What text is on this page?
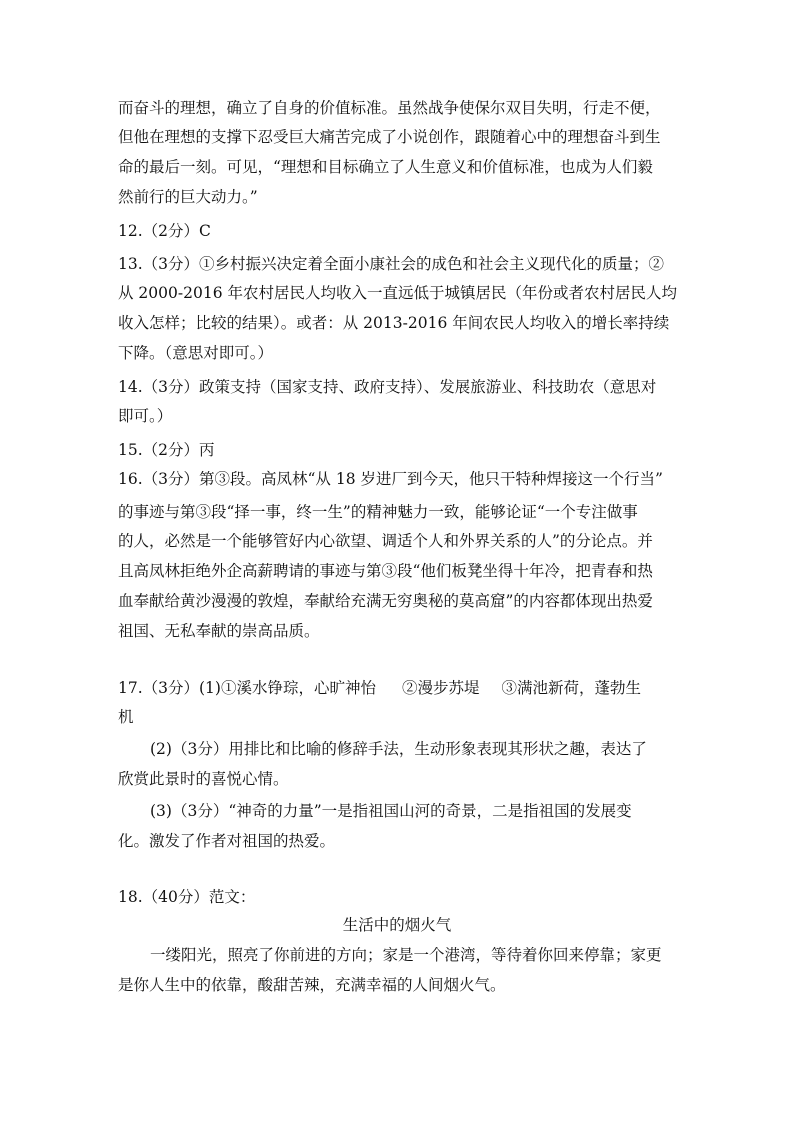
而奋斗的理想，确立了自身的价值标准。虽然战争使保尔双目失明，行走不便，
但他在理想的支撑下忍受巨大痛苦完成了小说创作，跟随着心中的理想奋斗到生
命的最后一刻。可见，“理想和目标确立了人生意义和价值标准，也成为人们毅
然前行的巨大动力。”
12.（2分）C
13.（3分）①乡村振兴决定着全面小康社会的成色和社会主义现代化的质量；②
从 2000-2016 年农村居民人均收入一直远低于城镇居民（年份或者农村居民人均
收入怎样；比较的结果）。或者：从 2013-2016 年间农民人均收入的增长率持续
下降。（意思对即可。）
14.（3分）政策支持（国家支持、政府支持）、发展旅游业、科技助农（意思对
即可。）
15.（2分）丙
16.（3分）第③段。高凤林“从 18 岁进厂到今天，他只干特种焊接这一个行当”
的事迹与第③段“择一事，终一生”的精神魅力一致，能够论证“一个专注做事
的人，必然是一个能够管好内心欲望、调适个人和外界关系的人”的分论点。并
且高凤林拒绝外企高薪聘请的事迹与第③段“他们板凳坐得十年冷，把青春和热
血奉献给黄沙漫漫的敦煌，奉献给充满无穷奥秘的莫高窟”的内容都体现出热爱
祖国、无私奉献的崇高品质。
17.（3分）(1)①溪水铮琮，心旷神怡 ②漫步苏堤 ③满池新荷，蓬勃生
机
(2)（3分）用排比和比喻的修辞手法，生动形象表现其形状之趣，表达了
欣赏此景时的喜悦心情。
(3)（3分）“神奇的力量”一是指祖国山河的奇景，二是指祖国的发展变
化。激发了作者对祖国的热爱。
18.（40分）范文：
生活中的烟火气
一缕阳光，照亮了你前进的方向；家是一个港湾，等待着你回来停靠；家更
是你人生中的依靠，酸甜苦辣，充满幸福的人间烟火气。
